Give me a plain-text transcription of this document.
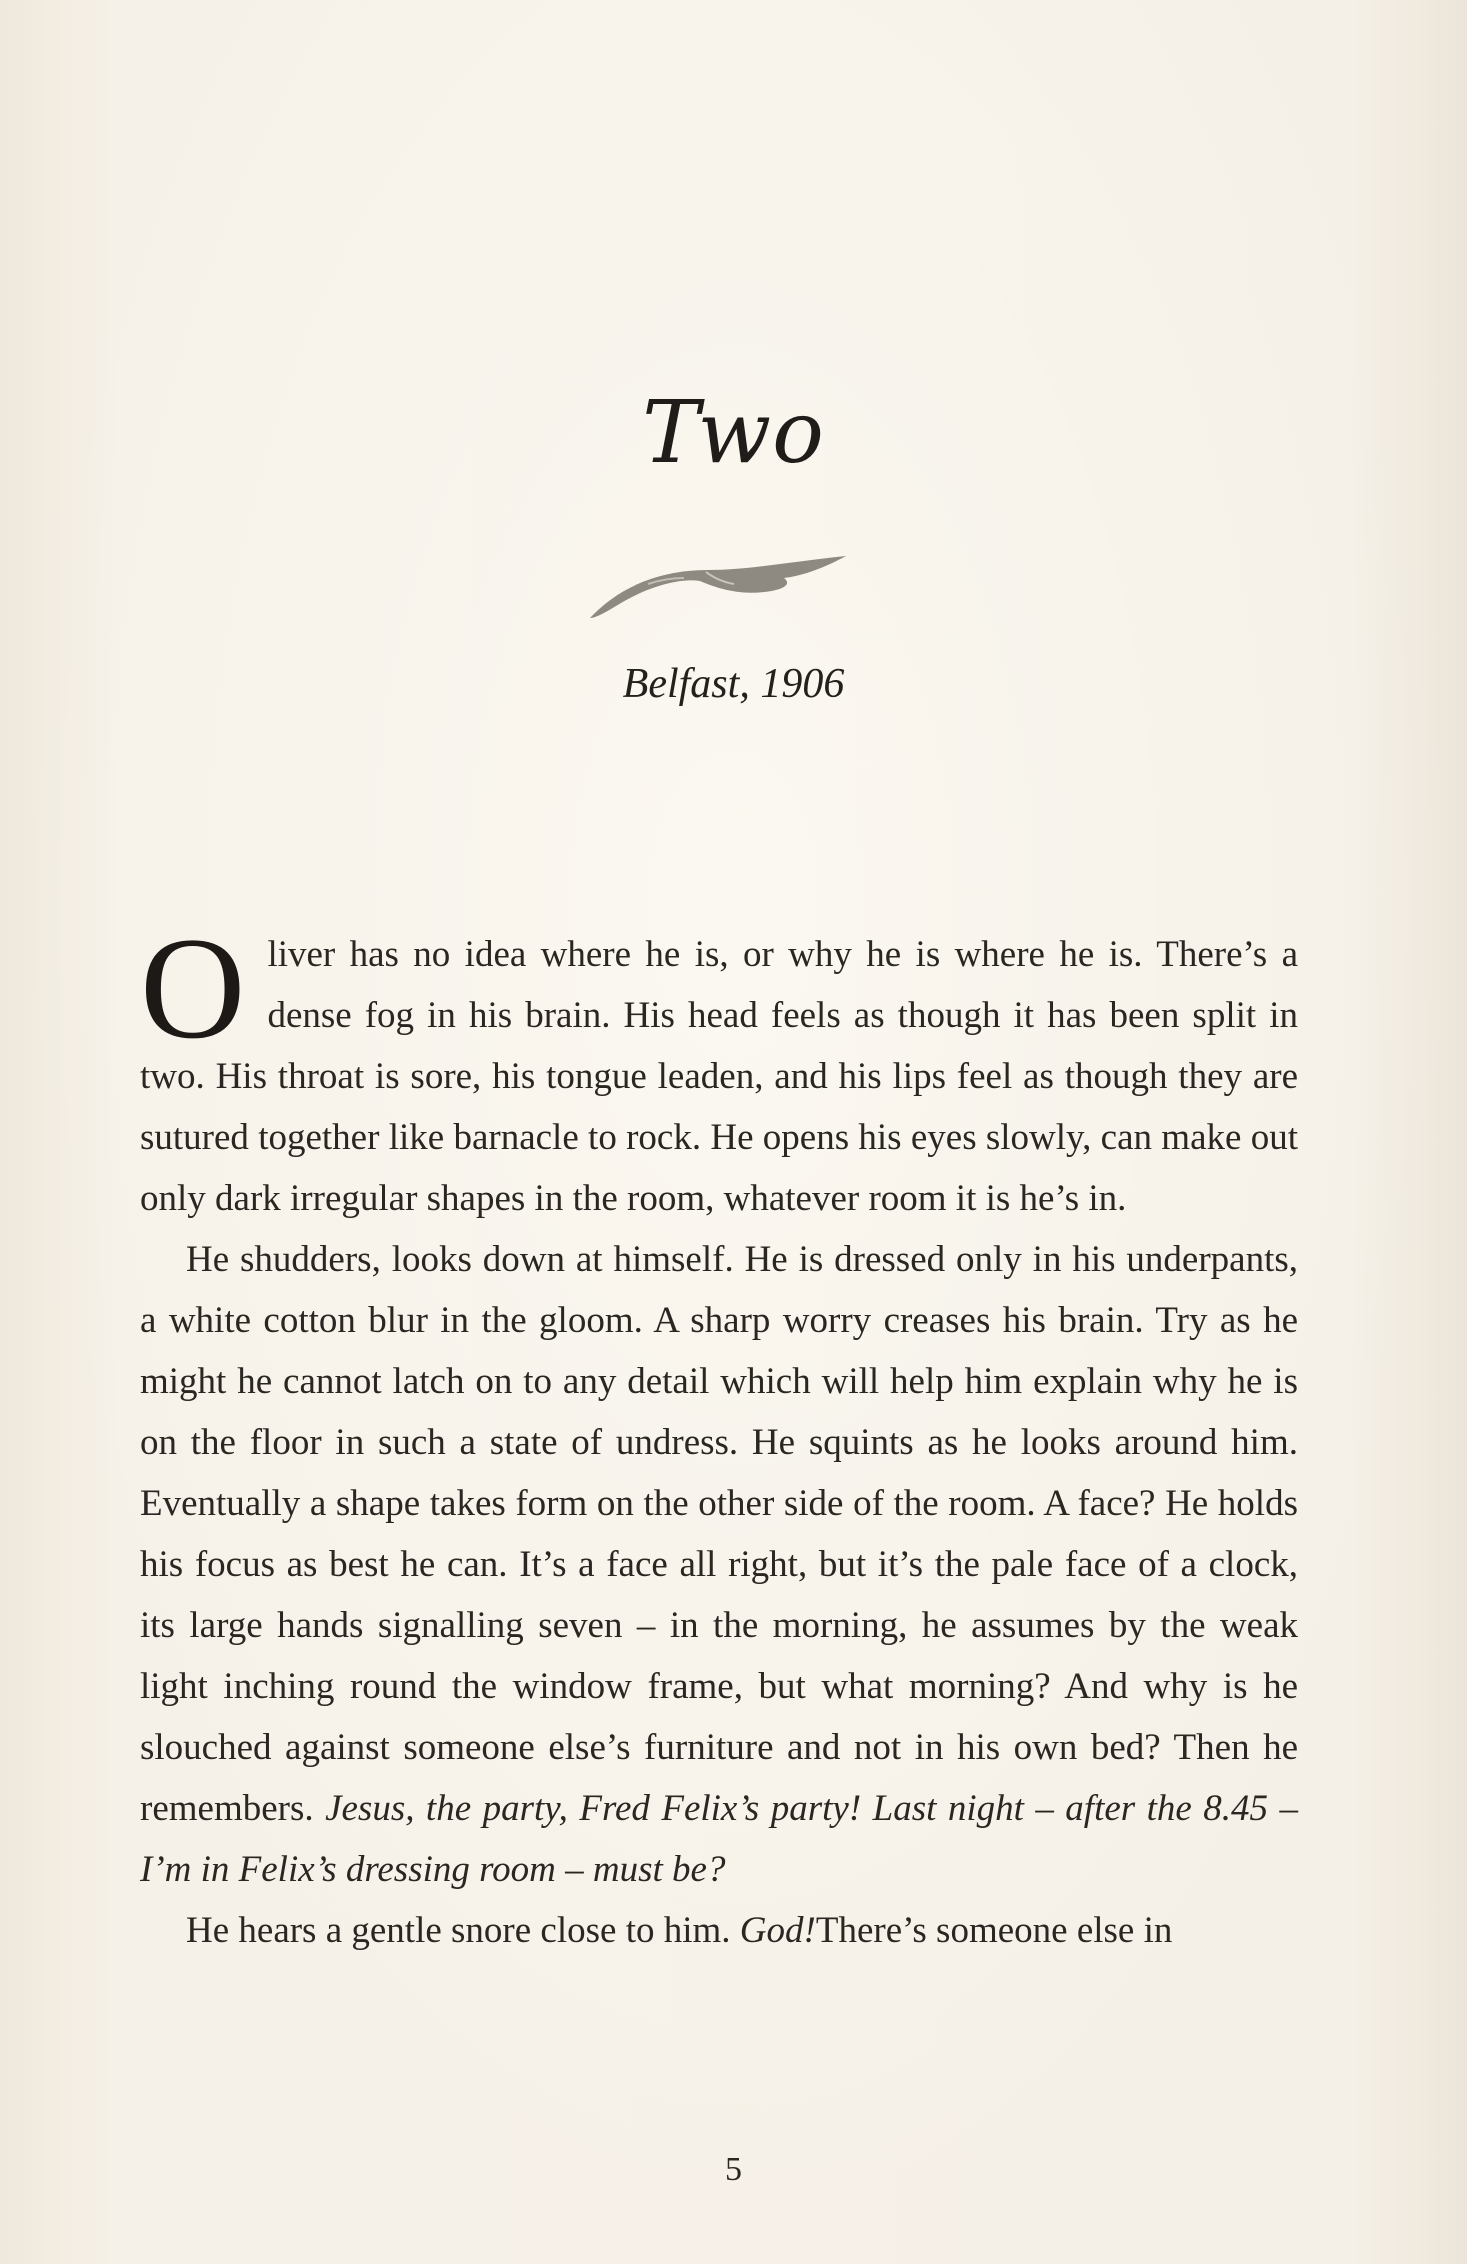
Two
Belfast, 1906

Oliver has no idea where he is, or why he is where he is. There’s a dense fog in his brain. His head feels as though it has been split in two. His throat is sore, his tongue leaden, and his lips feel as though they are sutured together like barnacle to rock. He opens his eyes slowly, can make out only dark irregular shapes in the room, whatever room it is he’s in.

He shudders, looks down at himself. He is dressed only in his underpants, a white cotton blur in the gloom. A sharp worry creases his brain. Try as he might he cannot latch on to any detail which will help him explain why he is on the floor in such a state of undress. He squints as he looks around him. Eventually a shape takes form on the other side of the room. A face? He holds his focus as best he can. It’s a face all right, but it’s the pale face of a clock, its large hands signalling seven – in the morning, he assumes by the weak light inching round the window frame, but what morning? And why is he slouched against someone else’s furniture and not in his own bed? Then he remembers. Jesus, the party, Fred Felix’s party! Last night – after the 8.45 – I’m in Felix’s dressing room – must be?

He hears a gentle snore close to him. God!There’s someone else in

5
